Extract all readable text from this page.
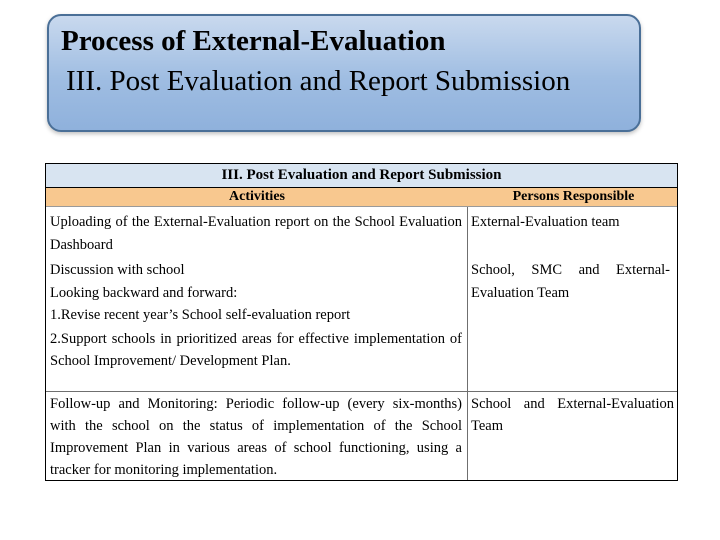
Process of External-Evaluation
III. Post Evaluation and Report Submission
III. Post Evaluation and Report Submission
Activities	Persons Responsible
Uploading of the External-Evaluation report on the School Evaluation Dashboard
External-Evaluation team

Discussion with school

Looking backward and forward:

1.Revise recent year’s School self-evaluation report

2.Support schools in prioritized areas for effective implementation of School Improvement/ Development Plan.

School, SMC and External-Evaluation Team
Follow-up and Monitoring: Periodic follow-up (every six-months) with the school on the status of implementation of the School Improvement Plan in various areas of school functioning, using a tracker for monitoring implementation.
School and External-Evaluation Team
